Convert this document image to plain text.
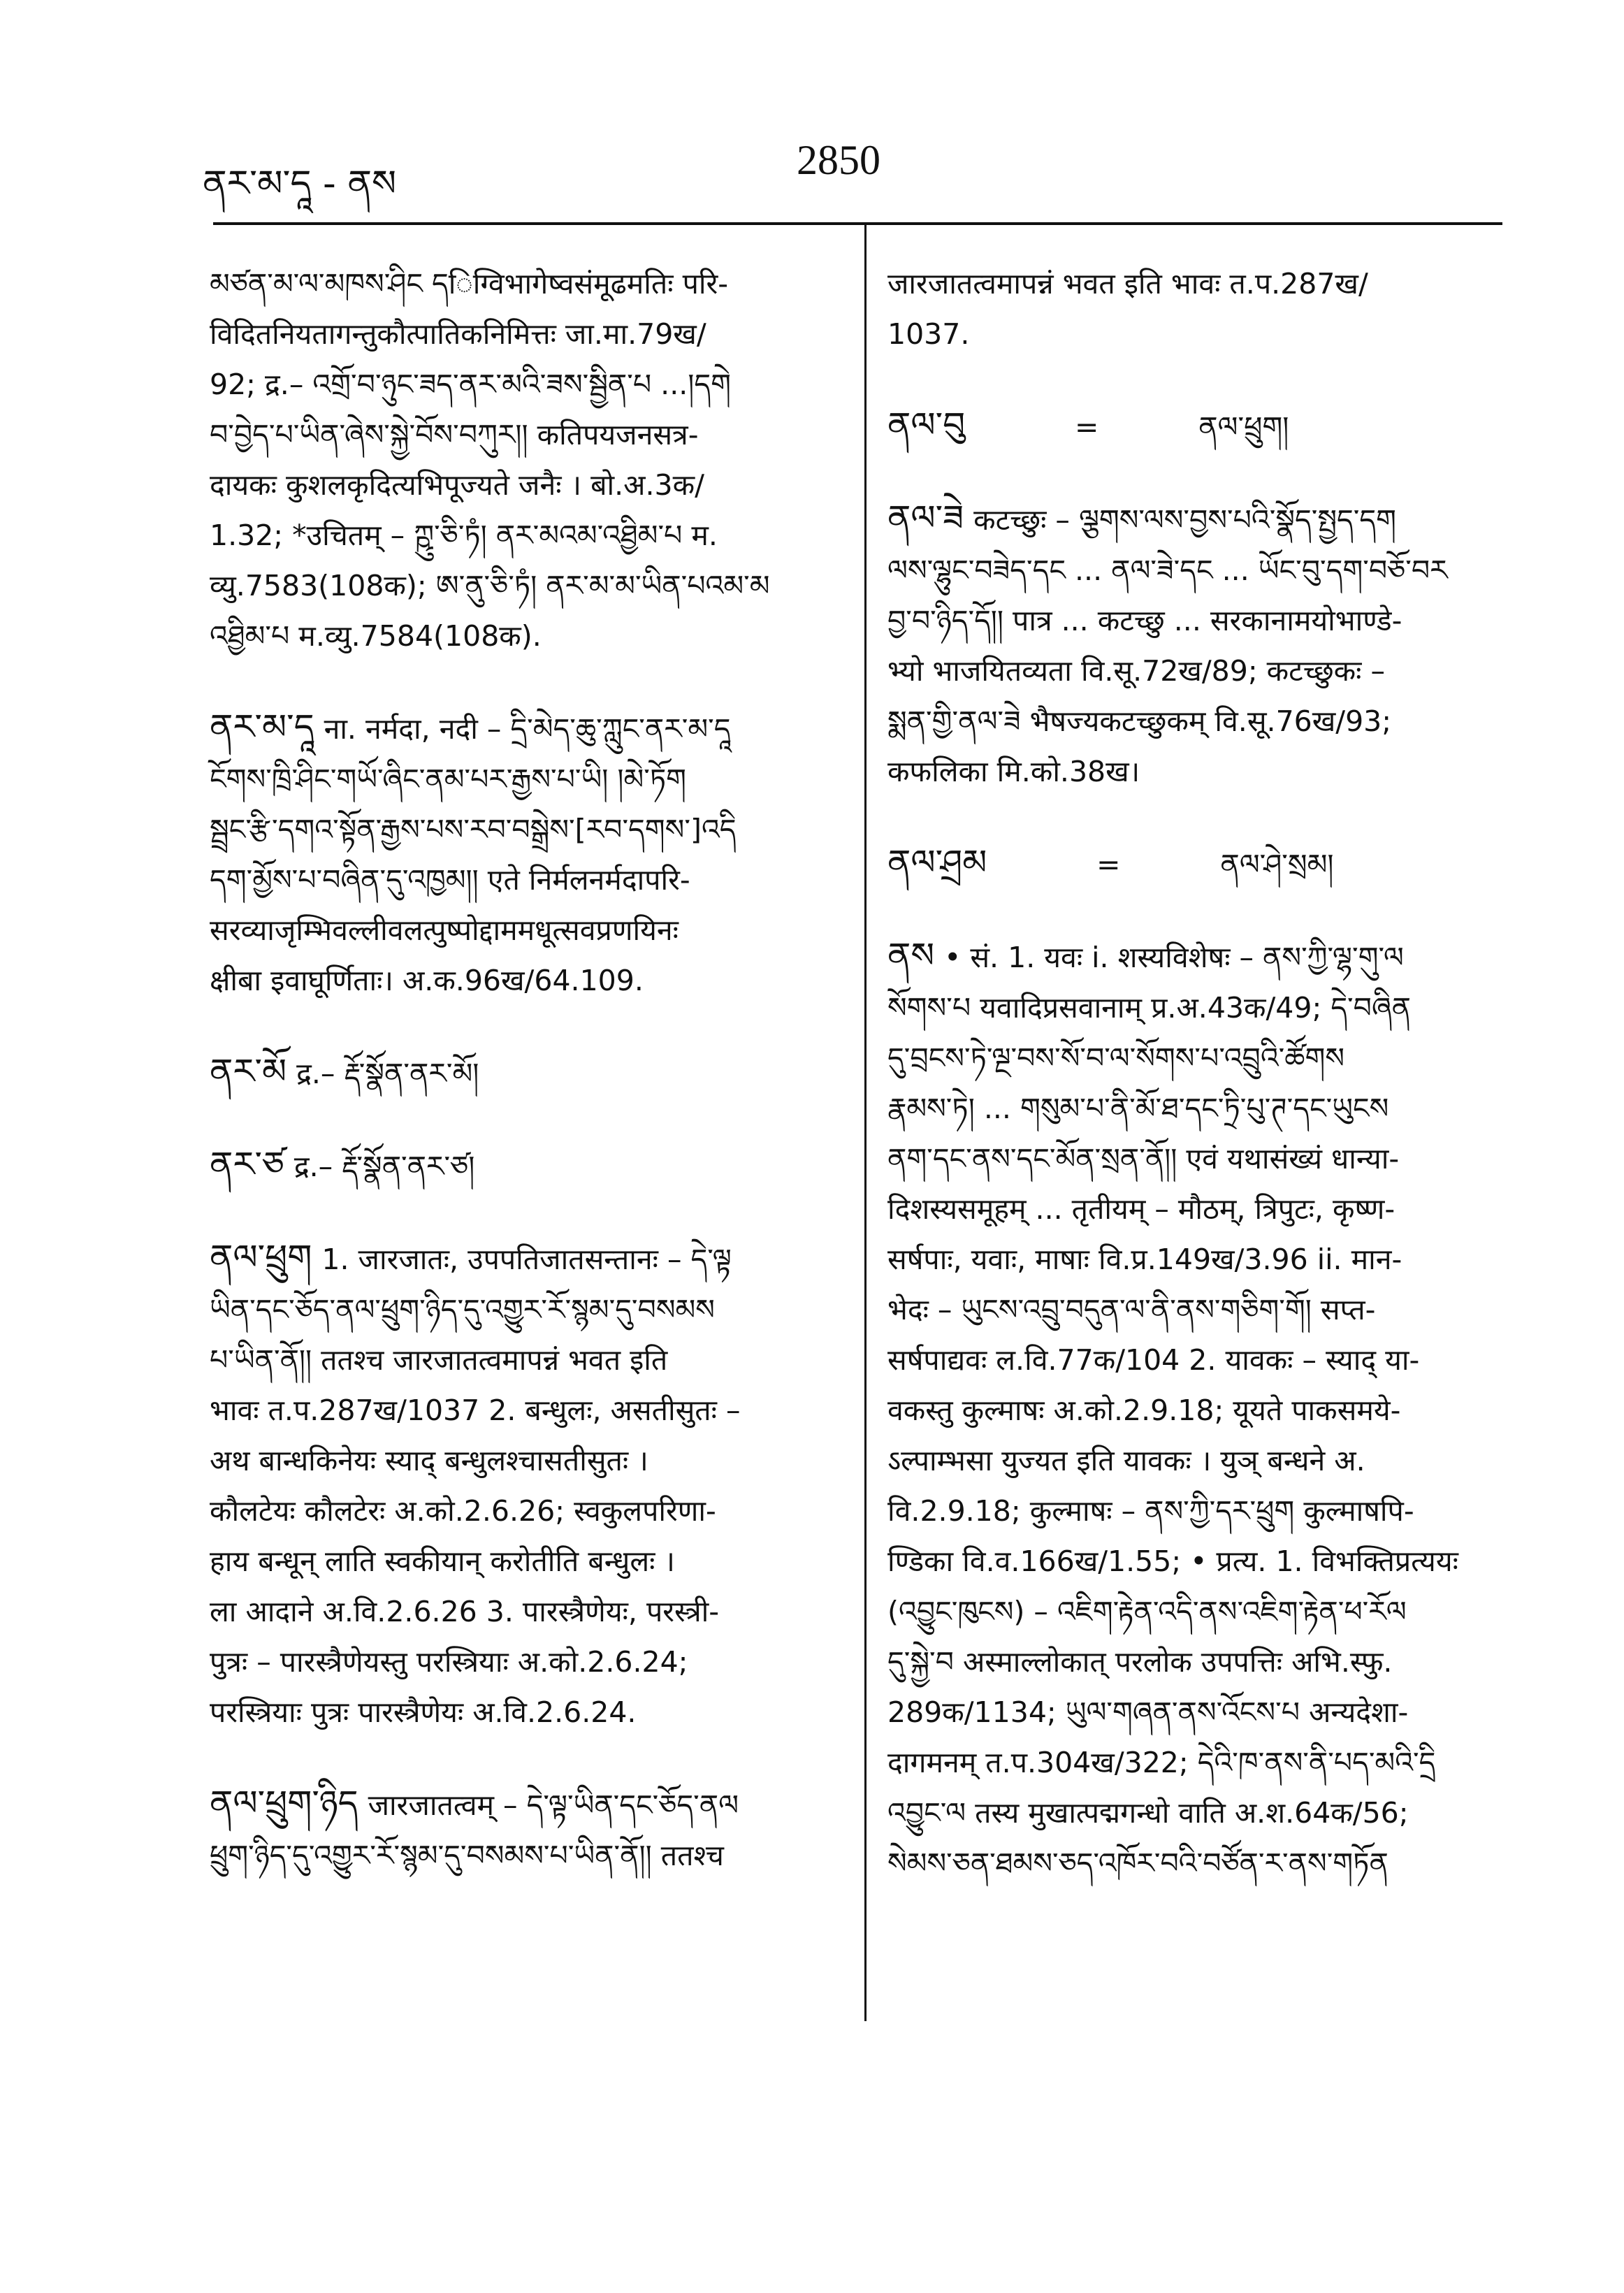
ནར་མ་དཱ - ནས
2850
མཙན་མ་ལ་མཁས་ཤིང དिग्विभागेष्वसंमूढमतिः परि-
विदितनियतागन्तुकौत्पातिकनिमित्तः जा.मा.79ख/
92; द्र.– འགྲོ་བ་ཉུང་ཟད་ནར་མའི་ཟས་སྦྱིན་པ ...།དགེ
བ་བྱེད་པ་ཡིན་ཞེས་སྐྱེ་བོས་བཀུར།། कतिपयजनसत्र-
दायकः कुशलकृदित्यभिपूज्यते जनैः । बो.अ.3क/
1.32; *उचितम् – ཀྵུ་ཅི་ཏཾ། ནར་མའམ་འཐྱིམ་པ म.
व्यु.7583(108क); ཨ་ནུ་ཅི་ཏཾ། ནར་མ་མ་ཡིན་པའམ་མ
འཐྱིམ་པ म.व्यु.7584(108क).
ནར་མ་དཱ ना. नर्मदा, नदी – དྲི་མེད་ཆུ་ཀླུང་ནར་མ་དཱ
ངོགས་ཁྲི་ཤིང་གཡོ་ཞིང་ནམ་པར་རྒྱས་པ་ཡི། །མེ་ཏོག
སྦྲང་རྩི་དགའ་སྟོན་རྒྱས་པས་རབ་བསྒྲེས་[རབ་དགས་]འདི
དག་མྱོས་པ་བཞིན་དུ་འཁྱམ།། एते निर्मलनर्मदापरि-
सरव्याजृम्भिवल्लीवलत्पुष्पोद्दाममधूत्सवप्रणयिनः
क्षीबा इवाघूर्णिताः। अ.क.96ख/64.109.
ནར་མོ द्र.– རྡོ་སྣོན་ནར་མོ།
ནར་ཙ द्र.– རྡོ་སྣོན་ནར་ཙ།
ནལ་ཕྲུག 1. जारजातः, उपपतिजातसन्तानः – དེ་ལྟ
ཡིན་དང་ཅོད་ནལ་ཕྲུག་ཉིད་དུ་འགྱུར་རོ་སྙམ་དུ་བསམས
པ་ཡིན་ནོ།། ततश्च जारजातत्वमापन्नं भवत इति
भावः त.प.287ख/1037 2. बन्धुलः, असतीसुतः –
अथ बान्धकिनेयः स्याद् बन्धुलश्चासतीसुतः ।
कौलटेयः कौलटेरः अ.को.2.6.26; स्वकुलपरिणा-
हाय बन्धून् लाति स्वकीयान् करोतीति बन्धुलः ।
ला आदाने अ.वि.2.6.26 3. पारस्त्रैणेयः, परस्त्री-
पुत्रः – पारस्त्रैणेयस्तु परस्त्रियाः अ.को.2.6.24;
परस्त्रियाः पुत्रः पारस्त्रैणेयः अ.वि.2.6.24.
ནལ་ཕྲུག་ཉིད जारजातत्वम् – དེ་ལྟ་ཡིན་དང་ཅོད་ནལ
ཕྲུག་ཉིད་དུ་འགྱུར་རོ་སྙམ་དུ་བསམས་པ་ཡིན་ནོ།། ततश्च
जारजातत्वमापन्नं भवत इति भावः त.प.287ख/
1037.
ནལ་བུ	=	ནལ་ཕྲུག།
ནལ་ཟེ कटच्छुः – ལྕགས་ལས་བྱས་པའི་སྣོད་སྤྱད་དག
ལས་ལྷུང་བཟེད་དང ... ནལ་ཟེ་དང ... ཡོང་བུ་དག་བཅོ་བར
བྱ་བ་ཉིད་དོ།། पात्र ... कटच्छु ... सरकानामयोभाण्डे-
भ्यो भाजयितव्यता वि.सू.72ख/89; कटच्छुकः –
སྨན་གྱི་ནལ་ཟེ भैषज्यकटच्छुकम् वि.सू.76ख/93;
कफलिका मि.को.38ख।
ནལ་ཤྲམ	=	ནལ་ཤེ་སྲམ།
ནས • सं. 1. यवः i. शस्यविशेषः – ནས་ཀྱི་ལྷ་གུ་ལ
སོགས་པ यवादिप्रसवानाम् प्र.अ.43क/49; དེ་བཞིན
དུ་བྲངས་ཏེ་ལྔ་བས་སོ་བ་ལ་སོགས་པ་འབྲུའི་ཚོགས
རྣམས་ཏེ། ... གསུམ་པ་ནི་མོ་ཐ་དང་ཏྲི་པུ་ཊ་དང་ཡུངས
ནག་དང་ནས་དང་མོན་སྲན་ནོ།། एवं यथासंख्यं धान्या-
दिशस्यसमूहम् ... तृतीयम् – मौठम्, त्रिपुटः, कृष्ण-
सर्षपाः, यवाः, माषाः वि.प्र.149ख/3.96 ii. मान-
भेदः – ཡུངས་འབྲུ་བདུན་ལ་ནི་ནས་གཅིག་གོ། सप्त-
सर्षपाद्यवः ल.वि.77क/104 2. यावकः – स्याद् या-
वकस्तु कुल्माषः अ.को.2.9.18; यूयते पाकसमये-
ऽल्पाम्भसा युज्यत इति यावकः । युञ् बन्धने अ.
वि.2.9.18; कुल्माषः – ནས་ཀྱི་དར་ཕྲུག कुल्माषपि-
ण्डिका वि.व.166ख/1.55; • प्रत्य. 1. विभक्तिप्रत्ययः
(འབྱུང་ཁུངས) – འཇིག་རྟེན་འདི་ནས་འཇིག་རྟེན་ཕ་རོལ
དུ་སྐྱེ་བ अस्माल्लोकात् परलोक उपपत्तिः अभि.स्फु.
289क/1134; ཡུལ་གཞན་ནས་འོངས་པ अन्यदेशा-
दागमनम् त.प.304ख/322; དེའི་ཁ་ནས་ནི་པད་མའི་དྲི
འབྱུང་ལ तस्य मुखात्पद्मगन्धो वाति अ.श.64क/56;
སེམས་ཅན་ཐམས་ཅད་འཁོར་བའི་བཙོན་ར་ནས་གཏོན
